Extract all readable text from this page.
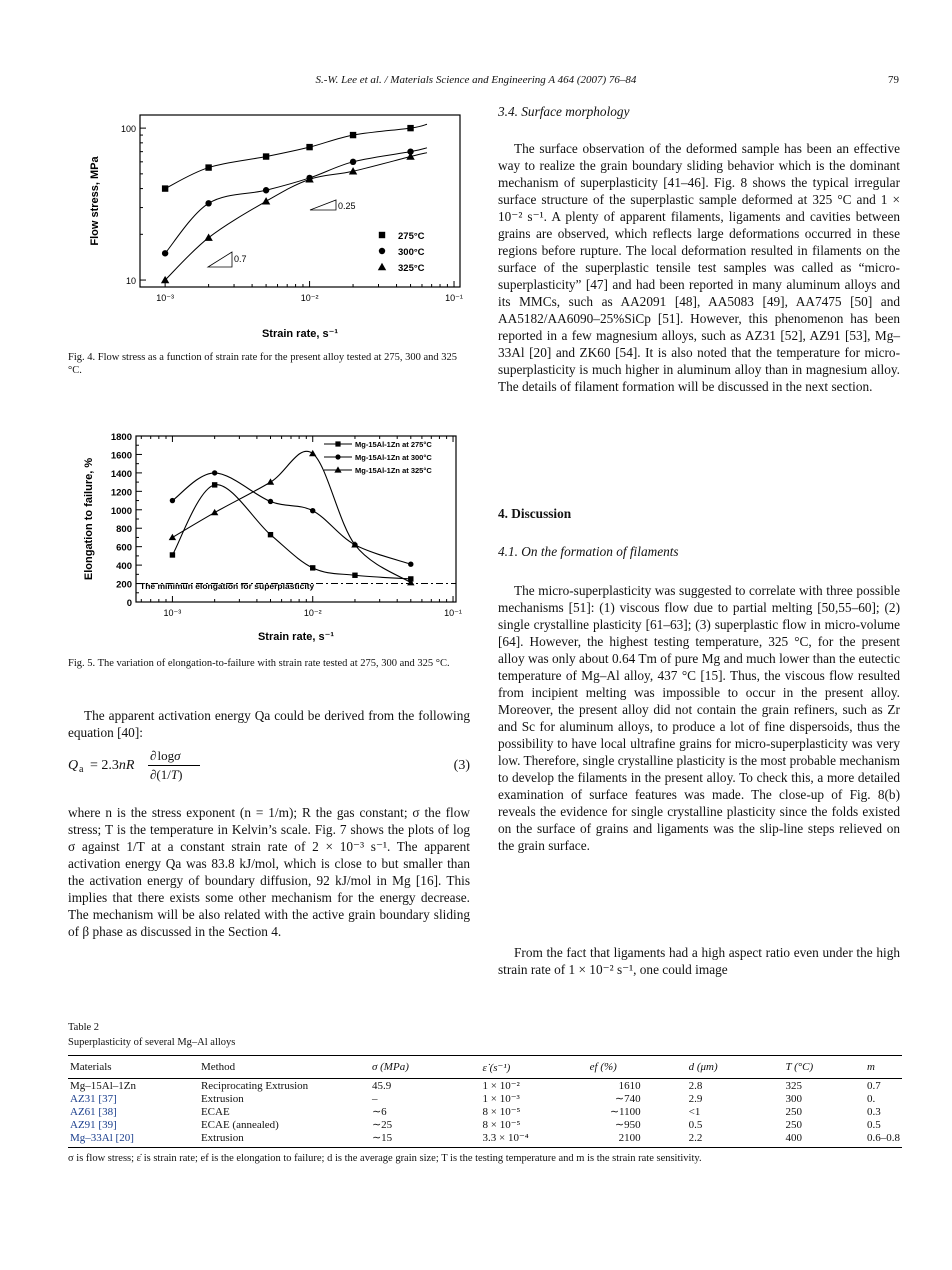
S.-W. Lee et al. / Materials Science and Engineering A 464 (2007) 76–84	79
10⁻³	10⁻²	10⁻¹
10
100
Flow stress, MPa
Strain rate, s⁻¹
0.25
0.7
275°C
300°C
325°C
Fig. 4. Flow stress as a function of strain rate for the present alloy tested at 275, 300 and 325 °C.
0
200
400
600
800
1000
1200
1400
1600
1800
10⁻³	10⁻²	10⁻¹
The minimun elongation for superplasticity
Mg-15Al-1Zn at 275°C
Mg-15Al-1Zn at 300°C
Mg-15Al-1Zn at 325°C
Elongation to failure, %
Strain rate, s⁻¹
Fig. 5. The variation of elongation-to-failure with strain rate tested at 275, 300 and 325 °C.

The apparent activation energy Qa could be derived from the following equation [40]:

Q a = 2.3nR
∂ logσ
∂(1/T)
(3)

where n is the stress exponent (n = 1/m); R the gas constant; σ the flow stress; T is the temperature in Kelvin’s scale. Fig. 7 shows the plots of log σ against 1/T at a constant strain rate of 2 × 10⁻³ s⁻¹. The apparent activation energy Qa was 83.8 kJ/mol, which is close to but smaller than the activation energy of boundary diffusion, 92 kJ/mol in Mg [16]. This implies that there exists some other mechanism for the energy decrease. The mechanism will be also related with the active grain boundary sliding of β phase as discussed in the Section 4.

3.4. Surface morphology

The surface observation of the deformed sample has been an effective way to realize the grain boundary sliding behavior which is the dominant mechanism of superplasticity [41–46]. Fig. 8 shows the typical irregular surface structure of the superplastic sample deformed at 325 °C and 1 × 10⁻² s⁻¹. A plenty of apparent filaments, ligaments and cavities between grains are observed, which reflects large deformations occurred in these regions before rupture. The local deformation resulted in filaments on the surface of the superplastic tensile test samples was called as “micro-superplasticity” [47] and had been reported in many aluminum alloys and its MMCs, such as AA2091 [48], AA5083 [49], AA7475 [50] and AA5182/AA6090–25%SiCp [51]. However, this phenomenon has been reported in a few magnesium alloys, such as AZ31 [52], AZ91 [53], Mg–33Al [20] and ZK60 [54]. It is also noted that the temperature for micro-superplasticity is much higher in aluminum alloy than in magnesium alloy. The details of filament formation will be discussed in the next section.

4. Discussion
4.1. On the formation of filaments

The micro-superplasticity was suggested to correlate with three possible mechanisms [51]: (1) viscous flow due to partial melting [50,55–60]; (2) single crystalline plasticity [61–63]; (3) superplastic flow in micro-volume [64]. However, the highest testing temperature, 325 °C, for the present alloy was only about 0.64 Tm of pure Mg and much lower than the eutectic temperature of Mg–Al alloy, 437 °C [15]. Thus, the viscous flow resulted from incipient melting was impossible to occur in the present alloy. Moreover, the present alloy did not contain the grain refiners, such as Zr and Sc for aluminum alloys, to produce a lot of fine dispersoids, thus the possibility to have local ultrafine grains for micro-superplasticity was very low. Therefore, single crystalline plasticity is the most probable mechanism to develop the filaments in the present alloy. To check this, a more detailed examination of surface features was made. The close-up of Fig. 8(b) reveals the evidence for single crystalline plasticity since the folds existed on the surface of grains and ligaments was the slip-line steps relieved on the grain surface.

From the fact that ligaments had a high aspect ratio even under the high strain rate of 1 × 10⁻² s⁻¹, one could image

Table 2
Superplasticity of several Mg–Al alloys
Materials	Method	σ (MPa)	ε̇ (s⁻¹)	ef (%)	d (μm)	T (°C)	m
Mg–15Al–1Zn	Reciprocating Extrusion	45.9	1 × 10⁻²	1610	2.8	325	0.7
AZ31 [37]	Extrusion	–	1 × 10⁻³	∼740	2.9	300	0.
AZ61 [38]	ECAE	∼6	8 × 10⁻⁵	∼1100	<1	250	0.3
AZ91 [39]	ECAE (annealed)	∼25	8 × 10⁻⁵	∼950	0.5	250	0.5
Mg–33Al [20]	Extrusion	∼15	3.3 × 10⁻⁴	2100	2.2	400	0.6–0.8
σ is flow stress; ε̇ is strain rate; ef is the elongation to failure; d is the average grain size; T is the testing temperature and m is the strain rate sensitivity.
